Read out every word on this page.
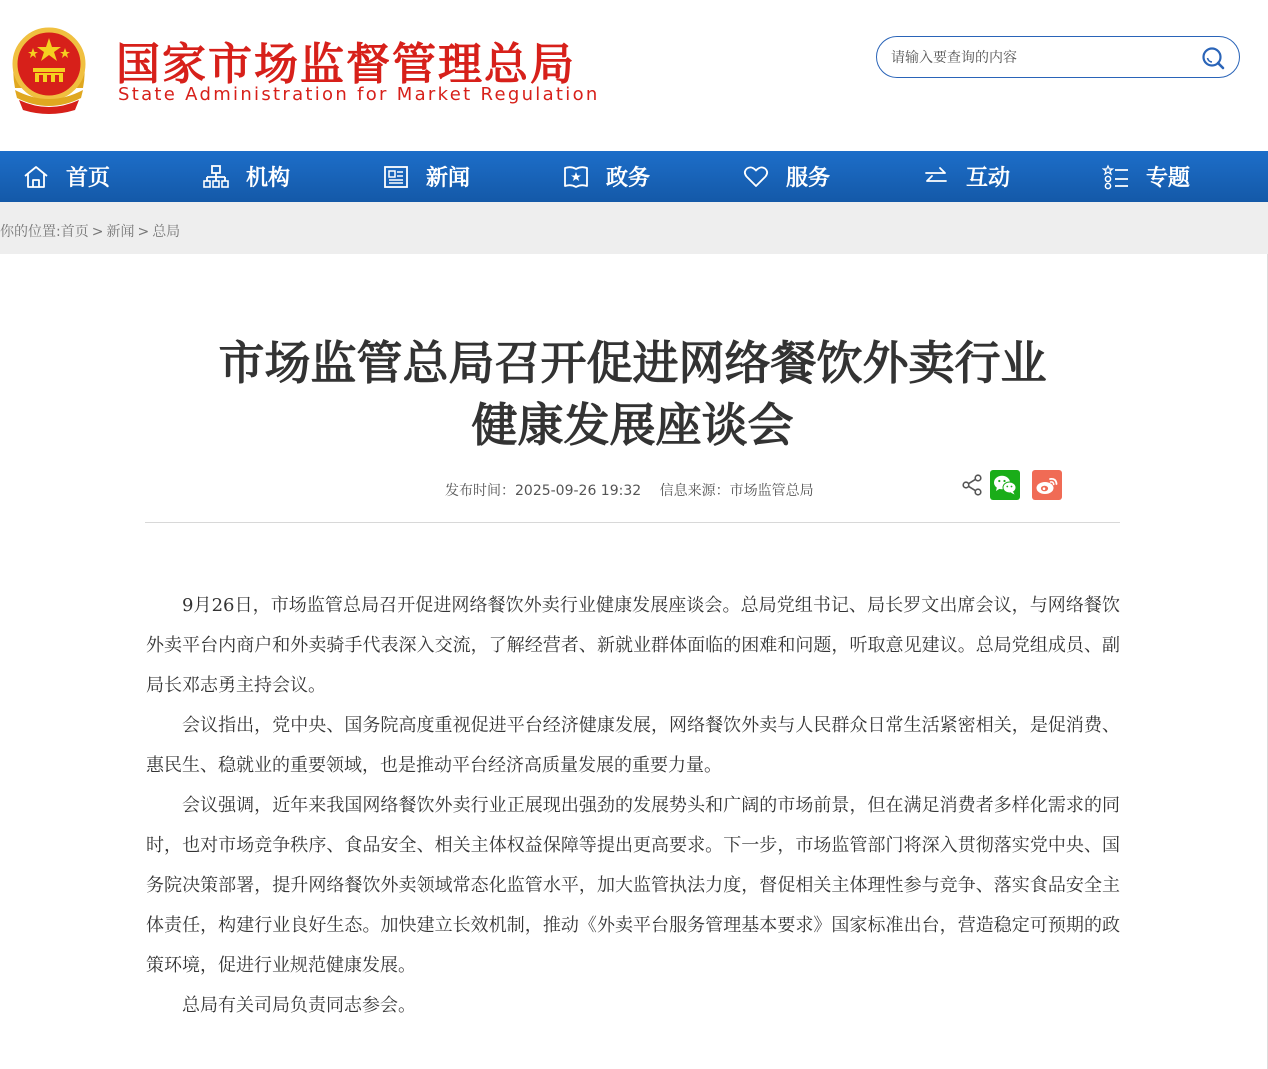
国家市场监督管理总局
State Administration for Market Regulation
请输入要查询的内容
首页	机构	新闻	政务	服务	互动	专题
你的位置:首页 > 新闻 > 总局
市场监管总局召开促进网络餐饮外卖行业
健康发展座谈会
发布时间：2025-09-26 19:32 信息来源：市场监管总局

9月26日，市场监管总局召开促进网络餐饮外卖行业健康发展座谈会。总局党组书记、局长罗文出席会议，与网络餐饮外卖平台内商户和外卖骑手代表深入交流，了解经营者、新就业群体面临的困难和问题，听取意见建议。总局党组成员、副局长邓志勇主持会议。

会议指出，党中央、国务院高度重视促进平台经济健康发展，网络餐饮外卖与人民群众日常生活紧密相关，是促消费、惠民生、稳就业的重要领域，也是推动平台经济高质量发展的重要力量。

会议强调，近年来我国网络餐饮外卖行业正展现出强劲的发展势头和广阔的市场前景，但在满足消费者多样化需求的同时，也对市场竞争秩序、食品安全、相关主体权益保障等提出更高要求。下一步，市场监管部门将深入贯彻落实党中央、国务院决策部署，提升网络餐饮外卖领域常态化监管水平，加大监管执法力度，督促相关主体理性参与竞争、落实食品安全主体责任，构建行业良好生态。加快建立长效机制，推动《外卖平台服务管理基本要求》国家标准出台，营造稳定可预期的政策环境，促进行业规范健康发展。

总局有关司局负责同志参会。
